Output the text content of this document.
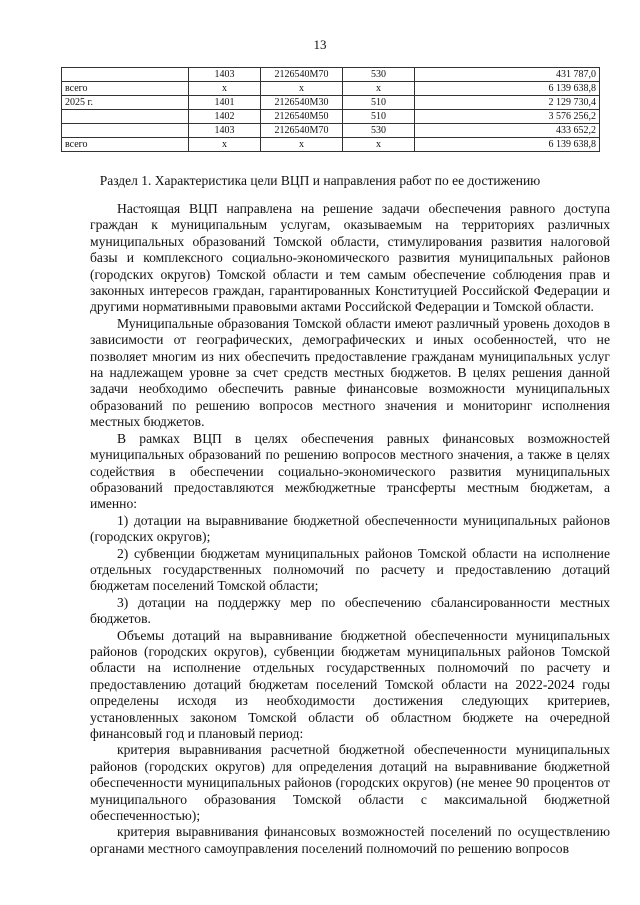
13
	1403	2126540M70	530	431 787,0
всего	х	х	х	6 139 638,8
2025 г.	1401	2126540M30	510	2 129 730,4
	1402	2126540M50	510	3 576 256,2
	1403	2126540M70	530	433 652,2
всего	х	х	х	6 139 638,8
Раздел 1. Характеристика цели ВЦП и направления работ по ее достижению

Настоящая ВЦП направлена на решение задачи обеспечения равного доступа граждан к муниципальным услугам, оказываемым на территориях различных муниципальных образований Томской области, стимулирования развития налоговой базы и комплексного социально-экономического развития муниципальных районов (городских округов) Томской области и тем самым обеспечение соблюдения прав и законных интересов граждан, гарантированных Конституцией Российской Федерации и другими нормативными правовыми актами Российской Федерации и Томской области.

Муниципальные образования Томской области имеют различный уровень доходов в зависимости от географических, демографических и иных особенностей, что не позволяет многим из них обеспечить предоставление гражданам муниципальных услуг на надлежащем уровне за счет средств местных бюджетов. В целях решения данной задачи необходимо обеспечить равные финансовые возможности муниципальных образований по решению вопросов местного значения и мониторинг исполнения местных бюджетов.

В рамках ВЦП в целях обеспечения равных финансовых возможностей муниципальных образований по решению вопросов местного значения, а также в целях содействия в обеспечении социально-экономического развития муниципальных образований предоставляются межбюджетные трансферты местным бюджетам, а именно:

1) дотации на выравнивание бюджетной обеспеченности муниципальных районов (городских округов);

2) субвенции бюджетам муниципальных районов Томской области на исполнение отдельных государственных полномочий по расчету и предоставлению дотаций бюджетам поселений Томской области;

3) дотации на поддержку мер по обеспечению сбалансированности местных бюджетов.

Объемы дотаций на выравнивание бюджетной обеспеченности муниципальных районов (городских округов), субвенции бюджетам муниципальных районов Томской области на исполнение отдельных государственных полномочий по расчету и предоставлению дотаций бюджетам поселений Томской области на 2022-2024 годы определены исходя из необходимости достижения следующих критериев, установленных законом Томской области об областном бюджете на очередной финансовый год и плановый период:

критерия выравнивания расчетной бюджетной обеспеченности муниципальных районов (городских округов) для определения дотаций на выравнивание бюджетной обеспеченности муниципальных районов (городских округов) (не менее 90 процентов от муниципального образования Томской области с максимальной бюджетной обеспеченностью);

критерия выравнивания финансовых возможностей поселений по осуществлению органами местного самоуправления поселений полномочий по решению вопросов
